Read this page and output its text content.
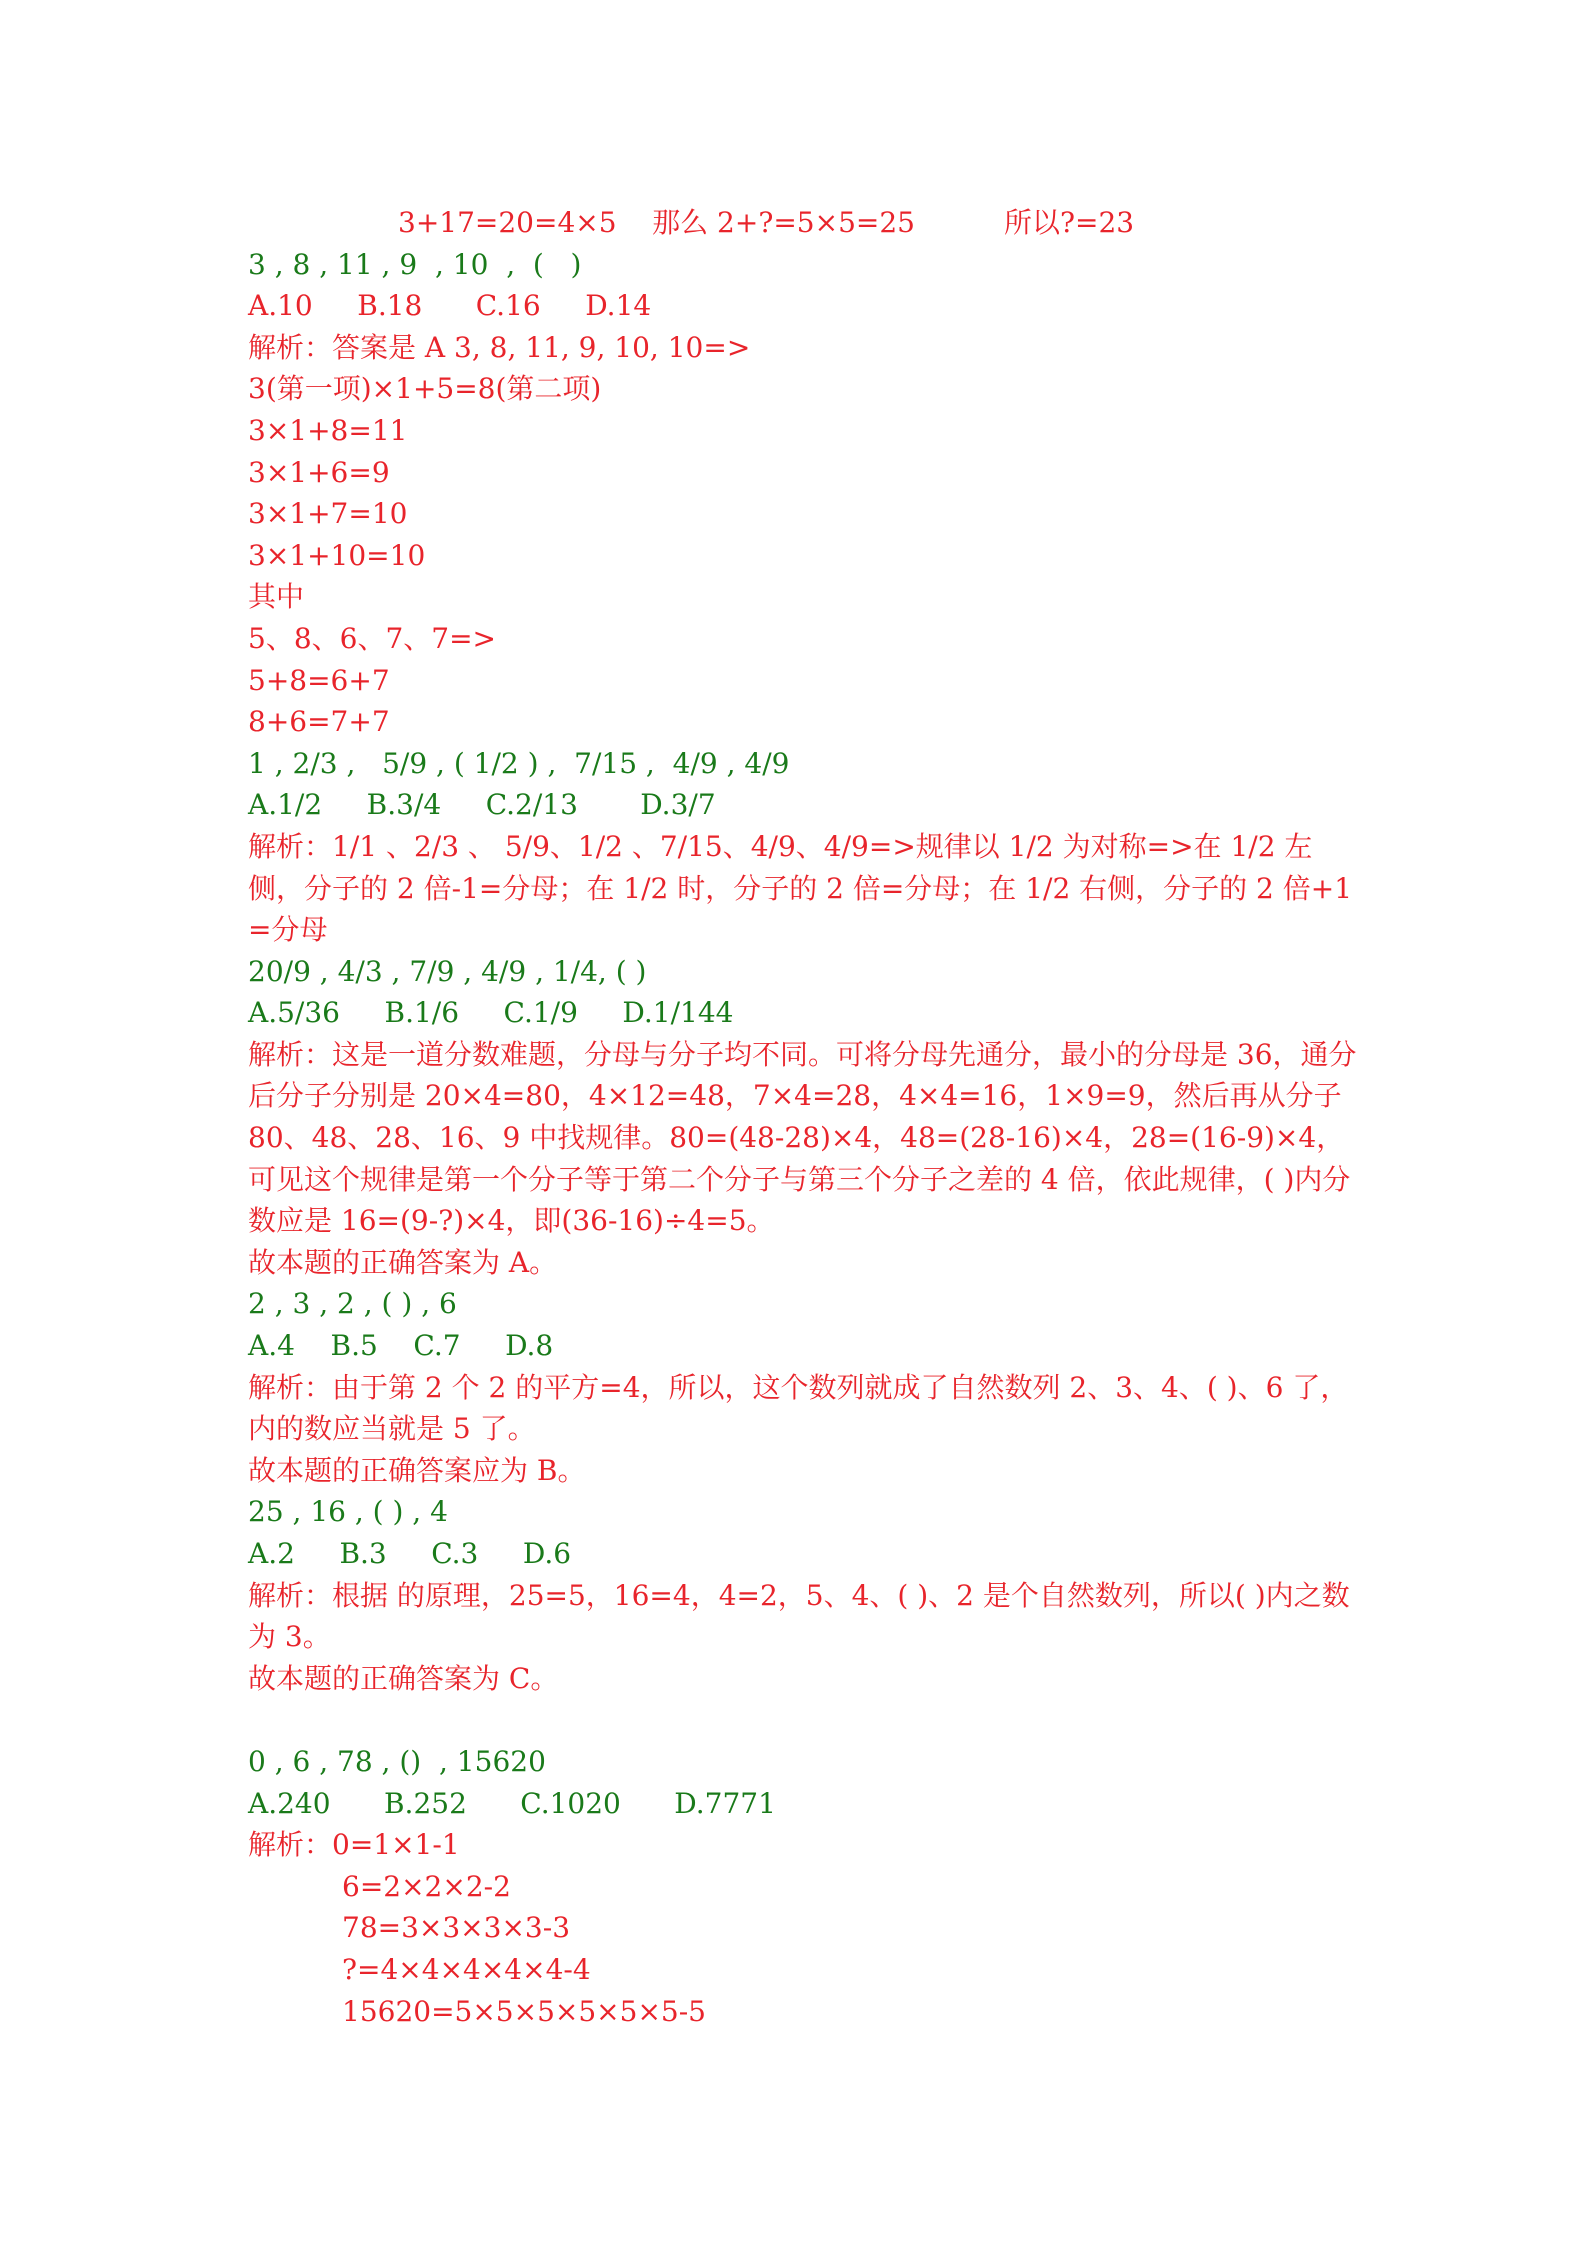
3+17=20=4×5    那么 2+?=5×5=25          所以?=23
3 , 8 , 11 , 9  , 10  ,  (   )
A.10     B.18      C.16     D.14
解析：答案是 A 3, 8, 11, 9, 10, 10=>
3(第一项)×1+5=8(第二项)
3×1+8=11
3×1+6=9
3×1+7=10
3×1+10=10
其中
5、8、6、7、7=>
5+8=6+7
8+6=7+7
1 , 2/3 ,   5/9 , ( 1/2 ) ,  7/15 ,  4/9 , 4/9
A.1/2     B.3/4     C.2/13       D.3/7
解析：1/1 、2/3 、 5/9、1/2 、7/15、4/9、4/9=>规律以 1/2 为对称=>在 1/2 左侧，分子的 2 倍-1=分母；在 1/2 时，分子的 2 倍=分母；在 1/2 右侧，分子的 2 倍+1=分母
20/9 , 4/3 , 7/9 , 4/9 , 1/4, ( )
A.5/36     B.1/6     C.1/9     D.1/144
解析：这是一道分数难题，分母与分子均不同。可将分母先通分，最小的分母是 36，通分后分子分别是 20×4=80，4×12=48，7×4=28，4×4=16，1×9=9，然后再从分子 80、48、28、16、9 中找规律。80=(48-28)×4，48=(28-16)×4，28=(16-9)×4，可见这个规律是第一个分子等于第二个分子与第三个分子之差的 4 倍，依此规律，( )内分数应是 16=(9-?)×4，即(36-16)÷4=5。
故本题的正确答案为 A。
2 , 3 , 2 , ( ) , 6
A.4    B.5    C.7     D.8
解析：由于第 2 个 2 的平方=4，所以，这个数列就成了自然数列 2、3、4、( )、6 了， 内的数应当就是 5 了。
故本题的正确答案应为 B。
25 , 16 , ( ) , 4
A.2     B.3     C.3     D.6
解析：根据 的原理，25=5，16=4，4=2，5、4、( )、2 是个自然数列，所以( )内之数为 3。
故本题的正确答案为 C。
0 , 6 , 78 , ()  , 15620
A.240      B.252      C.1020      D.7771
解析：0=1×1-1
6=2×2×2-2
78=3×3×3×3-3
?=4×4×4×4×4-4
15620=5×5×5×5×5×5-5
